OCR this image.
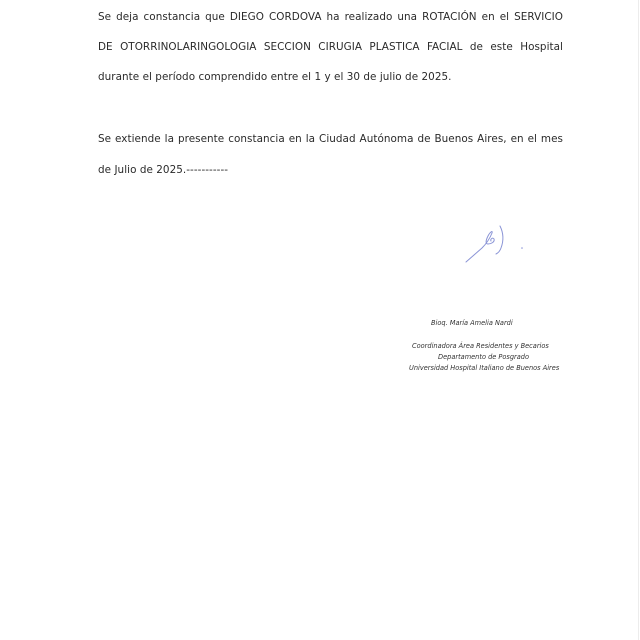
Se deja constancia que DIEGO CORDOVA ha realizado una ROTACIÓN en el SERVICIO
DE OTORRINOLARINGOLOGIA SECCION CIRUGIA PLASTICA FACIAL de este Hospital
durante el período comprendido entre el 1 y el 30 de julio de 2025.
Se extiende la presente constancia en la Ciudad Autónoma de Buenos Aires, en el mes
de Julio de 2025.-----------
Bioq. María Amelia Nardi
Coordinadora Área Residentes y Becarios
Departamento de Posgrado
Universidad Hospital Italiano de Buenos Aires
